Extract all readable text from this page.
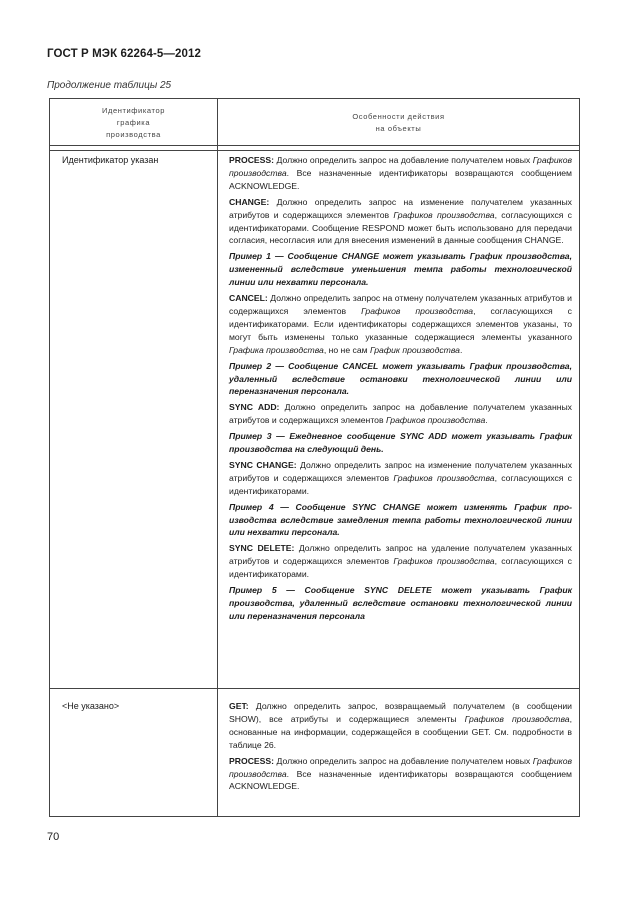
ГОСТ Р МЭК 62264-5—2012
Продолжение таблицы 25
Идентификатор
графика
производства
Особенности действия
на объекты
Идентификатор указан	PROCESS: Должно определить запрос на добавление получателем новых Графиков производства. Все назначенные идентификаторы возвращаются сообщением ACKNOWLEDGE.

CHANGE: Должно определить запрос на изменение получателем указанных атрибутов и содержащихся элементов Графиков производства, согласующихся с идентификаторами. Сообщение RESPOND может быть использовано для передачи согласия, несогласия или для внесения изменений в данные сообщения CHANGE.

Пример 1 — Сообщение CHANGE может указывать График производства, измененный вследствие уменьшения темпа работы технологической линии или нехватки персонала.

CANCEL: Должно определить запрос на отмену получателем указанных атрибутов и содержащихся элементов Графиков производства, согласующихся с идентификаторами. Если идентификаторы содержащихся элементов указаны, то могут быть изменены только указанные содержащиеся элементы указанного Графика производства, но не сам График производства.

Пример 2 — Сообщение CANCEL может указывать График производства, удаленный вследствие остановки технологической линии или переназначения персонала.

SYNC ADD: Должно определить запрос на добавление получателем указанных атрибутов и содержащихся элементов Графиков производства.

Пример 3 — Ежедневное сообщение SYNC ADD может указывать График производства на следующий день.

SYNC CHANGE: Должно определить запрос на изменение получателем указанных атрибутов и содержащихся элементов Графиков производства, согласующихся с идентификаторами.

Пример 4 — Сообщение SYNC CHANGE может изменять График производства вследствие замедления темпа работы технологической линии или нехватки персонала.

SYNC DELETE: Должно определить запрос на удаление получателем указанных атрибутов и содержащихся элементов Графиков производства, согласующихся с идентификаторами.

Пример 5 — Сообщение SYNC DELETE может указывать График производства, удаленный вследствие остановки технологической линии или переназначения персонала

<Не указано>	GET: Должно определить запрос, возвращаемый получателем (в сообщении SHOW), все атрибуты и содержащиеся элементы Графиков производства, основанные на информации, содержащейся в сообщении GET. См. подробности в таблице 26.

PROCESS: Должно определить запрос на добавление получателем новых Графиков производства. Все назначенные идентификаторы возвращаются сообщением ACKNOWLEDGE.

70
